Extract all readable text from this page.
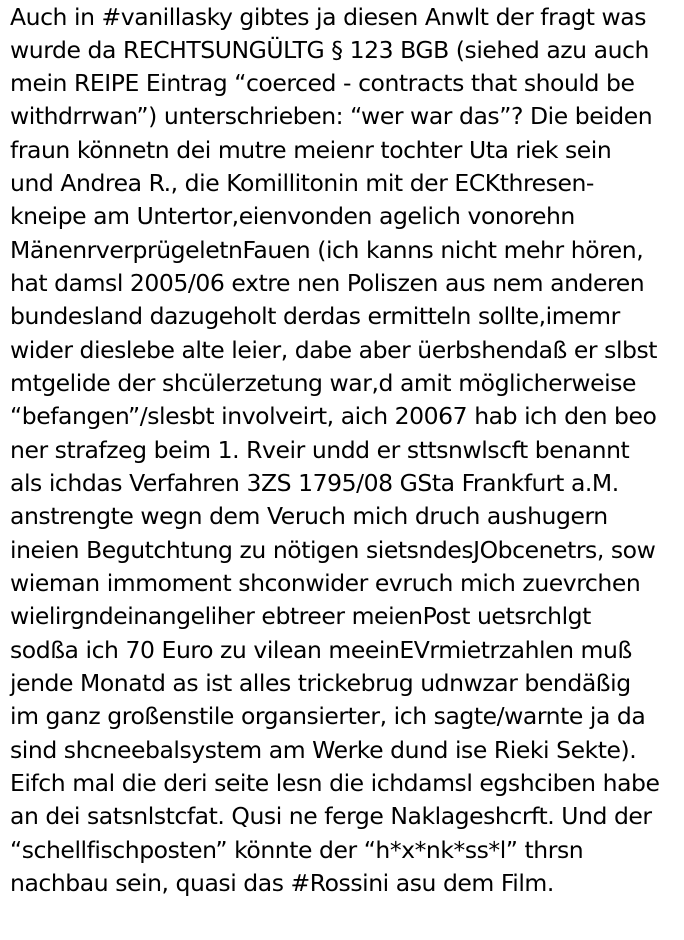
Auch in #vanillasky gibtes ja diesen Anwlt der fragt was
wurde da RECHTSUNGÜLTG § 123 BGB (siehed azu auch
mein REIPE Eintrag “coerced - contracts that should be
withdrrwan”) unterschrieben: “wer war das”? Die beiden
fraun könnetn dei mutre meienr tochter Uta riek sein
und Andrea R., die Komillitonin mit der ECKthresen-
kneipe am Untertor,eienvonden agelich vonorehn
MänenrverprügeletnFauen (ich kanns nicht mehr hören,
hat damsl 2005/06 extre nen Poliszen aus nem anderen
bundesland dazugeholt derdas ermitteln sollte,imemr
wider dieslebe alte leier, dabe aber üerbshendaß er slbst
mtgelide der shcülerzetung war,d amit möglicherweise
“befangen”/slesbt involveirt, aich 20067 hab ich den beo
ner strafzeg beim 1. Rveir undd er sttsnwlscft benannt
als ichdas Verfahren 3ZS 1795/08 GSta Frankfurt a.M.
anstrengte wegn dem Veruch mich druch aushugern
ineien Begutchtung zu nötigen sietsndesJObcenetrs, sow
wieman immoment shconwider evruch mich zuevrchen
wielirgndeinangeliher ebtreer meienPost uetsrchlgt
sodßa ich 70 Euro zu vilean meeinEVrmietrzahlen muß
jende Monatd as ist alles trickebrug udnwzar bendäßig
im ganz großenstile organsierter, ich sagte/warnte ja da
sind shcneebalsystem am Werke dund ise Rieki Sekte).
Eifch mal die deri seite lesn die ichdamsl egshciben habe
an dei satsnlstcfat. Qusi ne ferge Naklageshcrft. Und der
“schellfischposten” könnte der “h*x*nk*ss*l” thrsn
nachbau sein, quasi das #Rossini asu dem Film.
